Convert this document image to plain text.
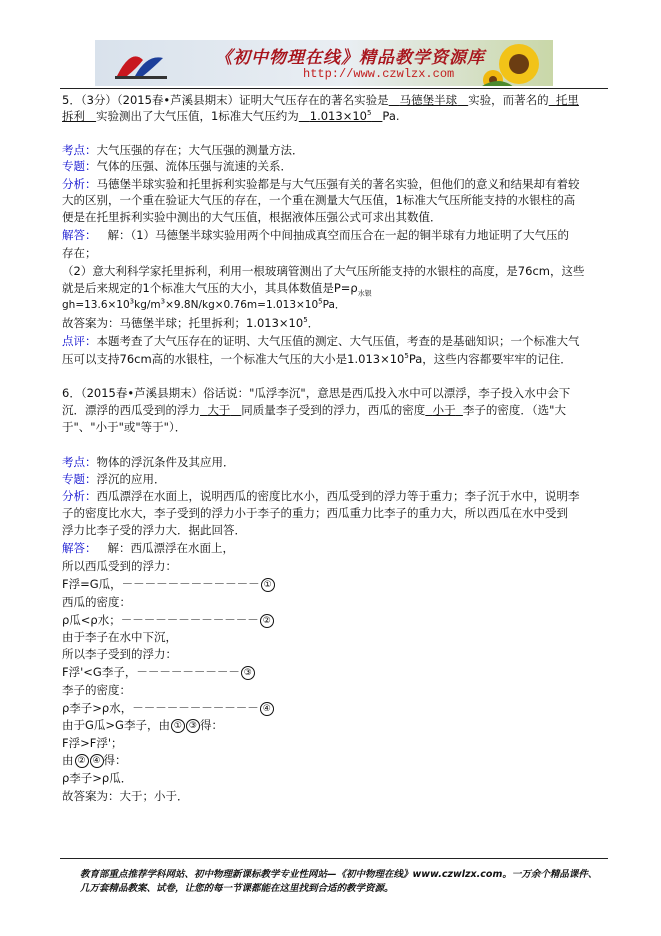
《初中物理在线》精品教学资源库
http://www.czwlzx.com
5．（3分）（2015春•芦溪县期末）证明大气压存在的著名实验是 马德堡半球 实验，而著名的 托里
拆利 实验测出了大气压值，1标准大气压约为 $1.013\times 10^5$ Pa.
考点：大气压强的存在；大气压强的测量方法．
专题：气体的压强、流体压强与流速的关系．
分析：马德堡半球实验和托里拆利实验都是与大气压强有关的著名实验，但他们的意义和结果却有着较
大的区别，一个重在验证大气压的存在，一个重在测量大气压值，1标准大气压所能支持的水银柱的高
便是在托里拆利实验中测出的大气压值，根据液体压强公式可求出其数值．
解答： 解：（1）马德堡半球实验用两个中间抽成真空而压合在一起的铜半球有力地证明了大气压的
存在；
（2）意大利科学家托里拆利，利用一根玻璃管测出了大气压所能支持的水银柱的高度，是76cm，这些
就是后来规定的1个标准大气压的大小，其具体数值是$P=\rho_{水银}$
$gh=13.6\times 10^3kg/m^3\times 9.8N/kg\times 0.76m=1.013\times 10^5Pa$．
故答案为：马德堡半球；托里拆利；$1.013\times 10^5$．
点评：本题考查了大气压存在的证明、大气压值的测定、大气压值，考查的是基础知识；一个标准大气
压可以支持76cm高的水银柱，一个标准大气压的大小是$1.013\times 10^5Pa$，这些内容都要牢牢的记住．
6．（2015春•芦溪县期末）俗话说："瓜浮李沉"，意思是西瓜投入水中可以漂浮，李子投入水中会下
沉．漂浮的西瓜受到的浮力 大于 同质量李子受到的浮力，西瓜的密度 小于 李子的密度．（选"大
于"、"小于"或"等于"）．
考点：物体的浮沉条件及其应用．
专题：浮沉的应用．
分析：西瓜漂浮在水面上，说明西瓜的密度比水小，西瓜受到的浮力等于重力；李子沉于水中，说明李
子的密度比水大，李子受到的浮力小于李子的重力；西瓜重力比李子的重力大，所以西瓜在水中受到
浮力比李子受的浮力大．据此回答．
解答： 解：西瓜漂浮在水面上，
所以西瓜受到的浮力：
F浮=G瓜，－－－－－－－－－－－－ ①
西瓜的密度：
ρ瓜<ρ水；－－－－－－－－－－－－ ②
由于李子在水中下沉，
所以李子受到的浮力：
F浮'<G李子，－－－－－－－－－ ③
李子的密度：
ρ李子>ρ水，－－－－－－－－－－－ ④
由于G瓜>G李子，由 ① ③ 得：
F浮>F浮'；
由 ② ④ 得：
ρ李子>ρ瓜．
故答案为：大于；小于．
教育部重点推荐学科网站、初中物理新课标教学专业性网站—《初中物理在线》www.czwlzx.com。一万余个精品课件、
几万套精品教案、试卷，让您的每一节课都能在这里找到合适的教学资源。
